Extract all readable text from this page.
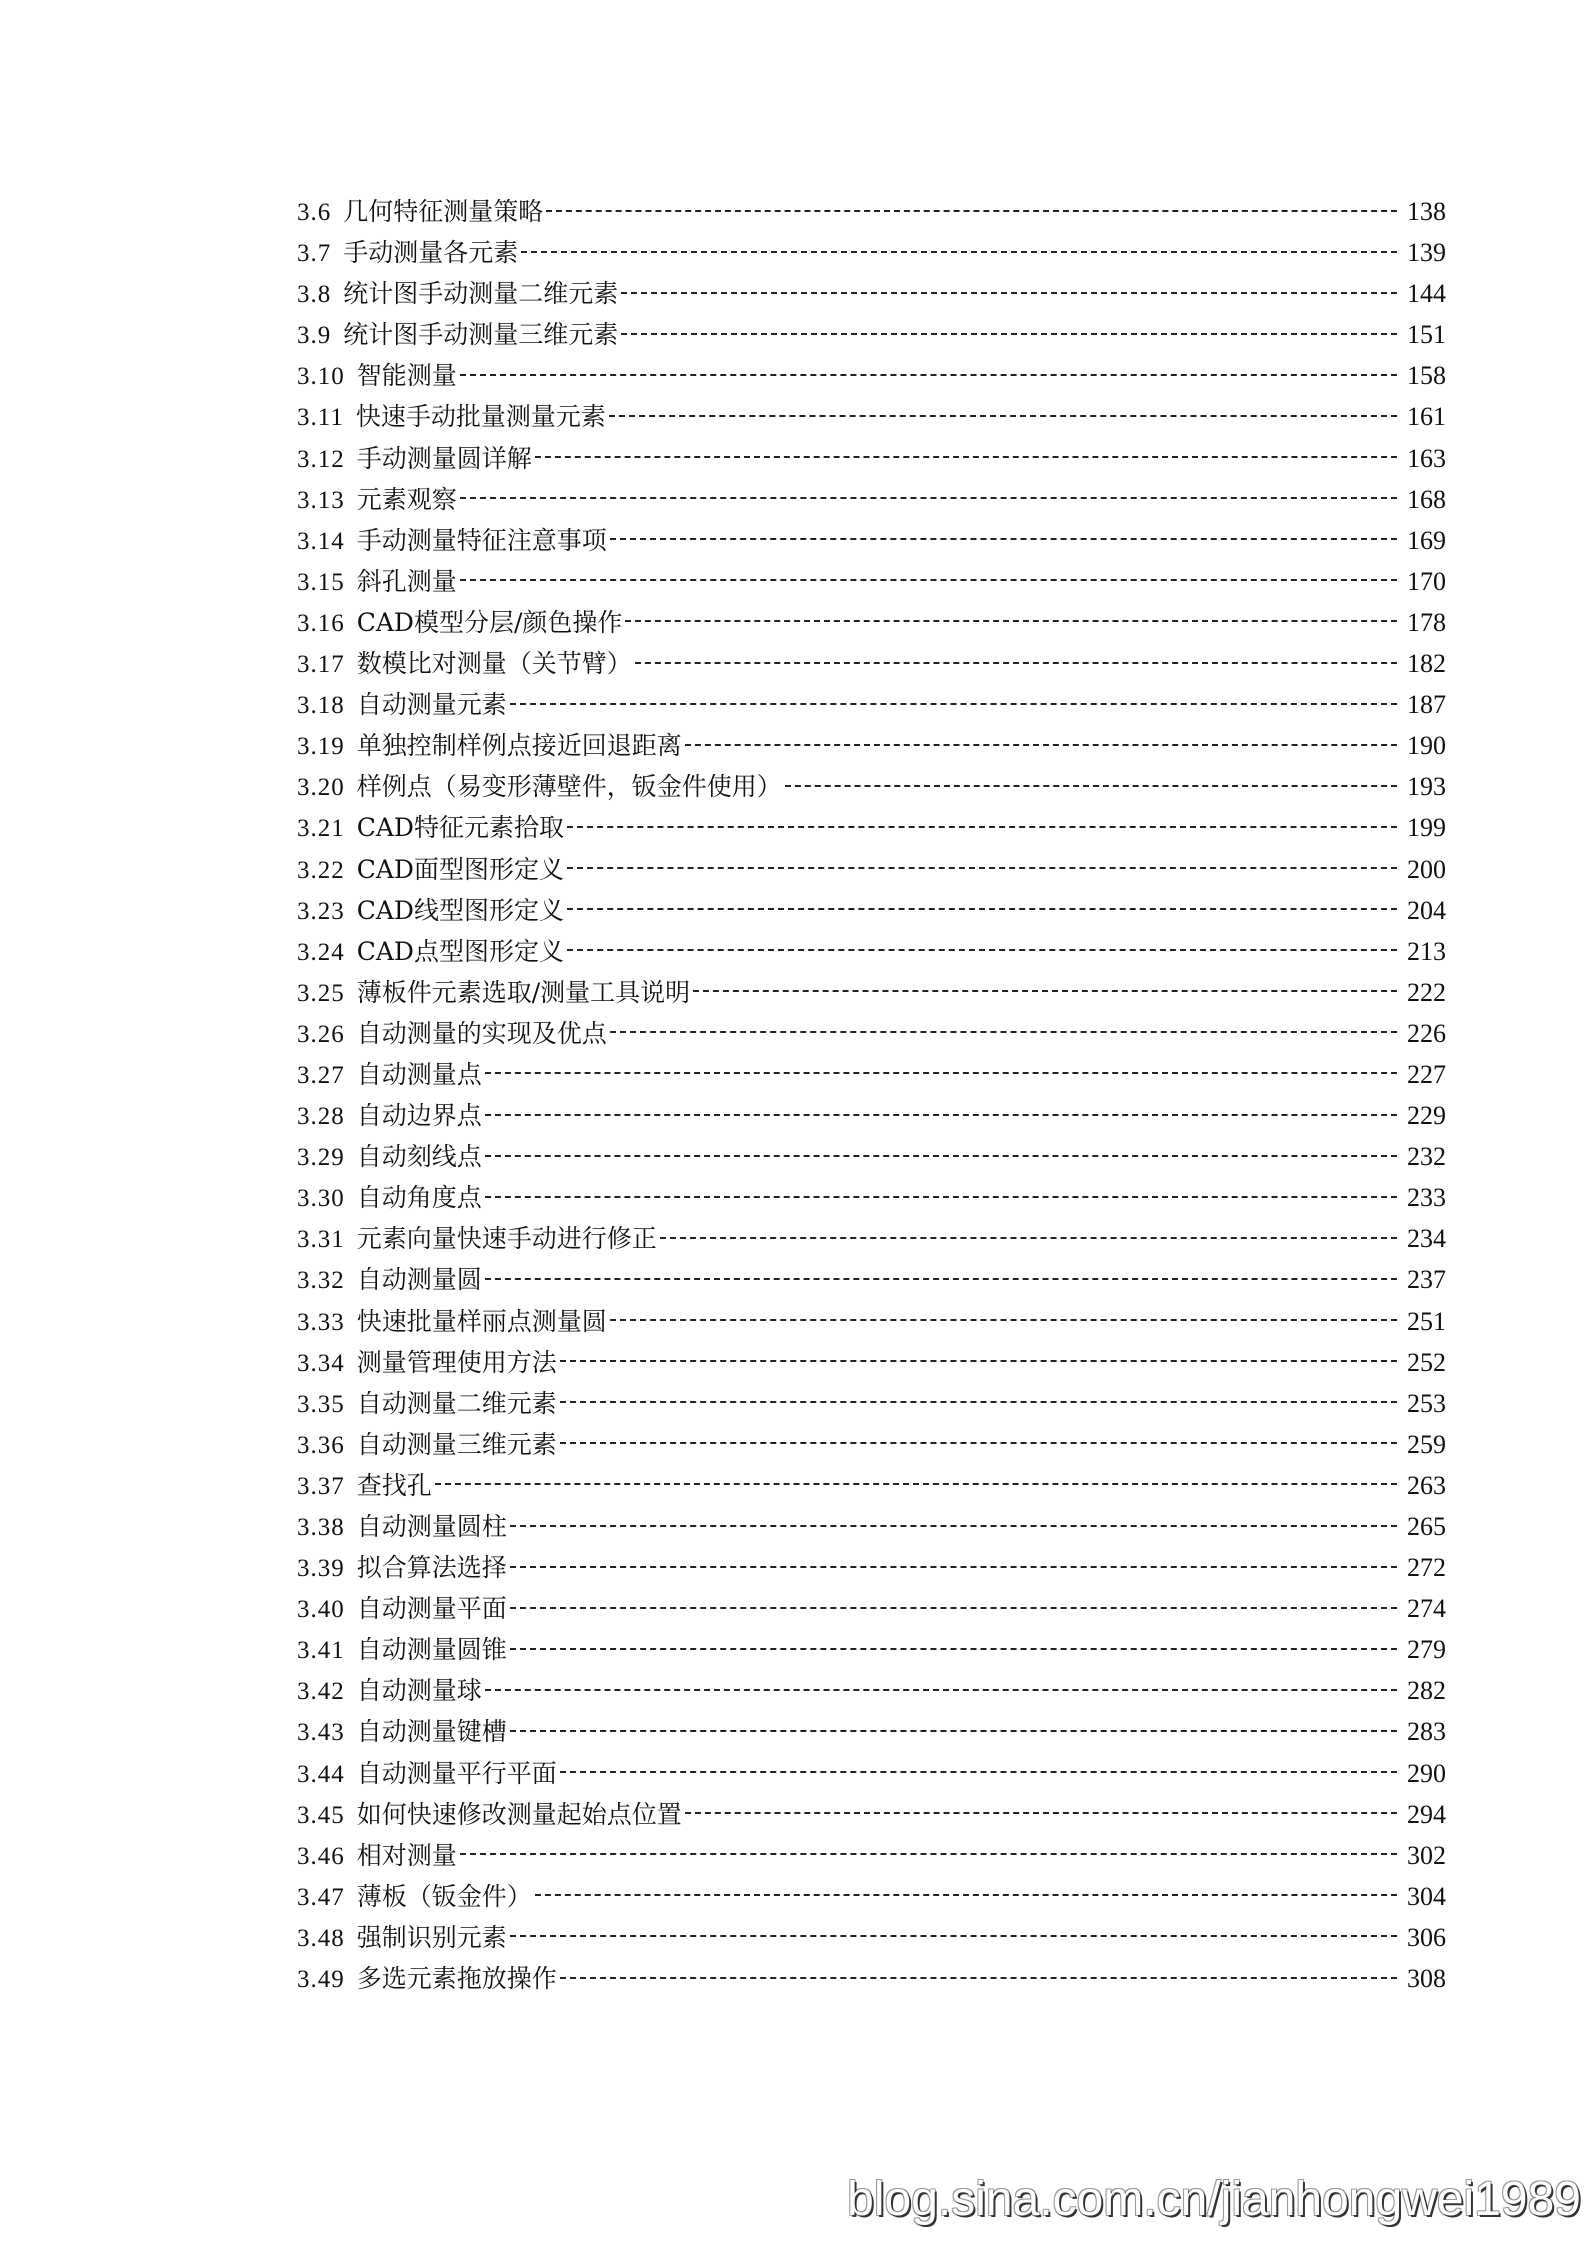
3.6 几何特征测量策略	138
3.7 手动测量各元素	139
3.8 统计图手动测量二维元素	144
3.9 统计图手动测量三维元素	151
3.10 智能测量	158
3.11 快速手动批量测量元素	161
3.12 手动测量圆详解	163
3.13 元素观察	168
3.14 手动测量特征注意事项	169
3.15 斜孔测量	170
3.16 CAD模型分层/颜色操作	178
3.17 数模比对测量（关节臂）	182
3.18 自动测量元素	187
3.19 单独控制样例点接近回退距离	190
3.20 样例点（易变形薄壁件，钣金件使用）	193
3.21 CAD特征元素拾取	199
3.22 CAD面型图形定义	200
3.23 CAD线型图形定义	204
3.24 CAD点型图形定义	213
3.25 薄板件元素选取/测量工具说明	222
3.26 自动测量的实现及优点	226
3.27 自动测量点	227
3.28 自动边界点	229
3.29 自动刻线点	232
3.30 自动角度点	233
3.31 元素向量快速手动进行修正	234
3.32 自动测量圆	237
3.33 快速批量样丽点测量圆	251
3.34 测量管理使用方法	252
3.35 自动测量二维元素	253
3.36 自动测量三维元素	259
3.37 查找孔	263
3.38 自动测量圆柱	265
3.39 拟合算法选择	272
3.40 自动测量平面	274
3.41 自动测量圆锥	279
3.42 自动测量球	282
3.43 自动测量键槽	283
3.44 自动测量平行平面	290
3.45 如何快速修改测量起始点位置	294
3.46 相对测量	302
3.47 薄板（钣金件）	304
3.48 强制识别元素	306
3.49 多选元素拖放操作	308
blog.sina.com.cn/jianhongwei1989
